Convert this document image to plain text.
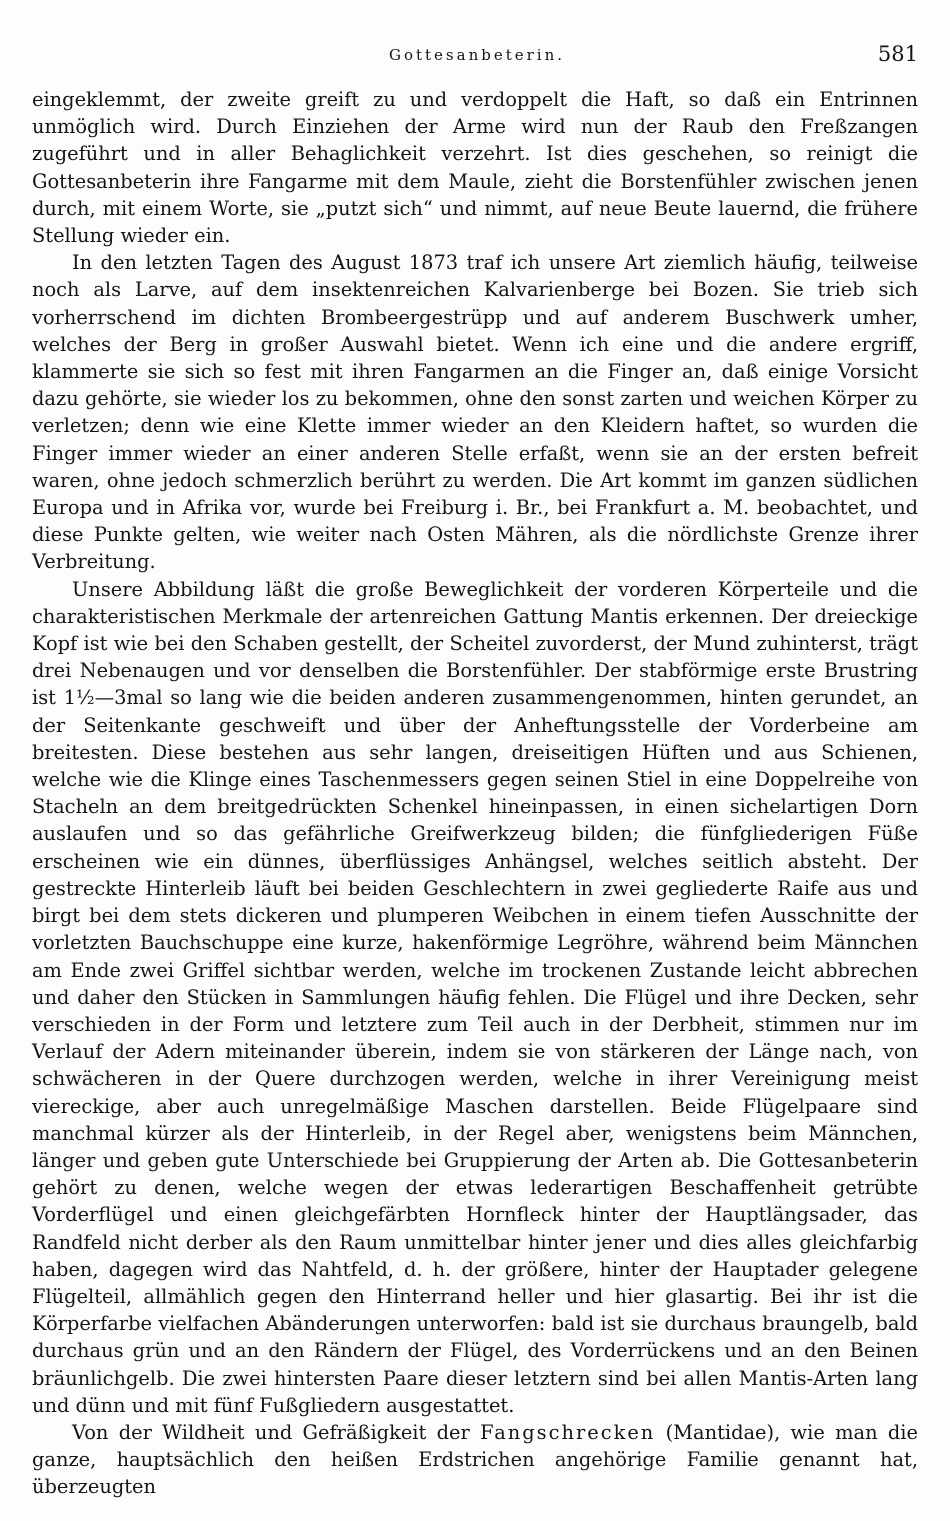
Gottesanbeterin.	581

eingeklemmt, der zweite greift zu und verdoppelt die Haft, so daß ein Entrinnen unmöglich wird. Durch Einziehen der Arme wird nun der Raub den Freßzangen zugeführt und in aller Behaglichkeit verzehrt. Ist dies geschehen, so reinigt die Gottesanbeterin ihre Fangarme mit dem Maule, zieht die Borstenfühler zwischen jenen durch, mit einem Worte, sie „putzt sich“ und nimmt, auf neue Beute lauernd, die frühere Stellung wieder ein.

In den letzten Tagen des August 1873 traf ich unsere Art ziemlich häufig, teilweise noch als Larve, auf dem insektenreichen Kalvarienberge bei Bozen. Sie trieb sich vorherrschend im dichten Brombeergestrüpp und auf anderem Buschwerk umher, welches der Berg in großer Auswahl bietet. Wenn ich eine und die andere ergriff, klammerte sie sich so fest mit ihren Fangarmen an die Finger an, daß einige Vorsicht dazu gehörte, sie wieder los zu bekommen, ohne den sonst zarten und weichen Körper zu verletzen; denn wie eine Klette immer wieder an den Kleidern haftet, so wurden die Finger immer wieder an einer anderen Stelle erfaßt, wenn sie an der ersten befreit waren, ohne jedoch schmerzlich berührt zu werden. Die Art kommt im ganzen südlichen Europa und in Afrika vor, wurde bei Freiburg i. Br., bei Frankfurt a. M. beobachtet, und diese Punkte gelten, wie weiter nach Osten Mähren, als die nördlichste Grenze ihrer Verbreitung.

Unsere Abbildung läßt die große Beweglichkeit der vorderen Körperteile und die charakteristischen Merkmale der artenreichen Gattung Mantis erkennen. Der dreieckige Kopf ist wie bei den Schaben gestellt, der Scheitel zuvorderst, der Mund zuhinterst, trägt drei Nebenaugen und vor denselben die Borstenfühler. Der stabförmige erste Brustring ist 1½—3mal so lang wie die beiden anderen zusammengenommen, hinten gerundet, an der Seitenkante geschweift und über der Anheftungsstelle der Vorderbeine am breitesten. Diese bestehen aus sehr langen, dreiseitigen Hüften und aus Schienen, welche wie die Klinge eines Taschenmessers gegen seinen Stiel in eine Doppelreihe von Stacheln an dem breitgedrückten Schenkel hineinpassen, in einen sichelartigen Dorn auslaufen und so das gefährliche Greifwerkzeug bilden; die fünfgliederigen Füße erscheinen wie ein dünnes, überflüssiges Anhängsel, welches seitlich absteht. Der gestreckte Hinterleib läuft bei beiden Geschlechtern in zwei gegliederte Raife aus und birgt bei dem stets dickeren und plumperen Weibchen in einem tiefen Ausschnitte der vorletzten Bauchschuppe eine kurze, hakenförmige Legröhre, während beim Männchen am Ende zwei Griffel sichtbar werden, welche im trockenen Zustande leicht abbrechen und daher den Stücken in Sammlungen häufig fehlen. Die Flügel und ihre Decken, sehr verschieden in der Form und letztere zum Teil auch in der Derbheit, stimmen nur im Verlauf der Adern miteinander überein, indem sie von stärkeren der Länge nach, von schwächeren in der Quere durchzogen werden, welche in ihrer Vereinigung meist viereckige, aber auch unregelmäßige Maschen darstellen. Beide Flügelpaare sind manchmal kürzer als der Hinterleib, in der Regel aber, wenigstens beim Männchen, länger und geben gute Unterschiede bei Gruppierung der Arten ab. Die Gottesanbeterin gehört zu denen, welche wegen der etwas lederartigen Beschaffenheit getrübte Vorderflügel und einen gleichgefärbten Hornfleck hinter der Hauptlängsader, das Randfeld nicht derber als den Raum unmittelbar hinter jener und dies alles gleichfarbig haben, dagegen wird das Nahtfeld, d. h. der größere, hinter der Hauptader gelegene Flügelteil, allmählich gegen den Hinterrand heller und hier glasartig. Bei ihr ist die Körperfarbe vielfachen Abänderungen unterworfen: bald ist sie durchaus braungelb, bald durchaus grün und an den Rändern der Flügel, des Vorderrückens und an den Beinen bräunlichgelb. Die zwei hintersten Paare dieser letztern sind bei allen Mantis-Arten lang und dünn und mit fünf Fußgliedern ausgestattet.

Von der Wildheit und Gefräßigkeit der Fangschrecken (Mantidae), wie man die ganze, hauptsächlich den heißen Erdstrichen angehörige Familie genannt hat, überzeugten
